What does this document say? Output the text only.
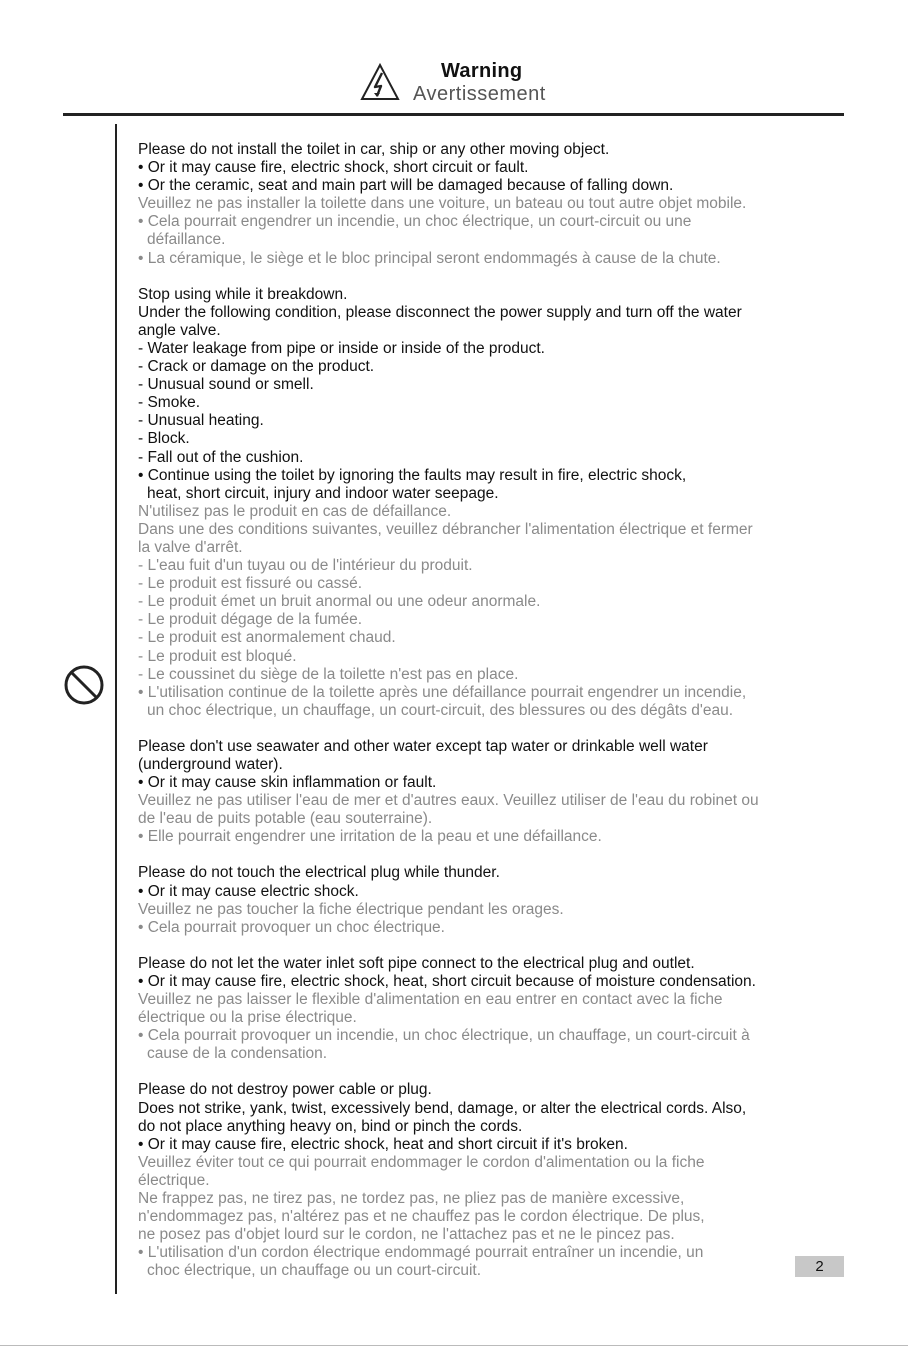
Warning
Avertissement

Please do not install the toilet in car, ship or any other moving object.

• Or it may cause fire, electric shock, short circuit or fault.

• Or the ceramic, seat and main part will be damaged because of falling down.

Veuillez ne pas installer la toilette dans une voiture, un bateau ou tout autre objet mobile.

• Cela pourrait engendrer un incendie, un choc électrique, un court-circuit ou une

défaillance.

• La céramique, le siège et le bloc principal seront endommagés à cause de la chute.

Stop using while it breakdown.

Under the following condition, please disconnect the power supply and turn off the water

angle valve.

- Water leakage from pipe or inside or inside of the product.

- Crack or damage on the product.

- Unusual sound or smell.

- Smoke.

- Unusual heating.

- Block.

- Fall out of the cushion.

• Continue using the toilet by ignoring the faults may result in fire, electric shock,

heat, short circuit, injury and indoor water seepage.

N'utilisez pas le produit en cas de défaillance.

Dans une des conditions suivantes, veuillez débrancher l'alimentation électrique et fermer

la valve d'arrêt.

- L'eau fuit d'un tuyau ou de l'intérieur du produit.

- Le produit est fissuré ou cassé.

- Le produit émet un bruit anormal ou une odeur anormale.

- Le produit dégage de la fumée.

- Le produit est anormalement chaud.

- Le produit est bloqué.

- Le coussinet du siège de la toilette n'est pas en place.

• L'utilisation continue de la toilette après une défaillance pourrait engendrer un incendie,

un choc électrique, un chauffage, un court-circuit, des blessures ou des dégâts d'eau.

Please don't use seawater and other water except tap water or drinkable well water

(underground water).

• Or it may cause skin inflammation or fault.

Veuillez ne pas utiliser l'eau de mer et d'autres eaux. Veuillez utiliser de l'eau du robinet ou

de l'eau de puits potable (eau souterraine).

• Elle pourrait engendrer une irritation de la peau et une défaillance.

Please do not touch the electrical plug while thunder.

• Or it may cause electric shock.

Veuillez ne pas toucher la fiche électrique pendant les orages.

• Cela pourrait provoquer un choc électrique.

Please do not let the water inlet soft pipe connect to the electrical plug and outlet.

• Or it may cause fire, electric shock, heat, short circuit because of moisture condensation.

Veuillez ne pas laisser le flexible d'alimentation en eau entrer en contact avec la fiche

électrique ou la prise électrique.

• Cela pourrait provoquer un incendie, un choc électrique, un chauffage, un court-circuit à

cause de la condensation.

Please do not destroy power cable or plug.

Does not strike, yank, twist, excessively bend, damage, or alter the electrical cords. Also,

do not place anything heavy on, bind or pinch the cords.

• Or it may cause fire, electric shock, heat and short circuit if it's broken.

Veuillez éviter tout ce qui pourrait endommager le cordon d'alimentation ou la fiche

électrique.

Ne frappez pas, ne tirez pas, ne tordez pas, ne pliez pas de manière excessive,

n'endommagez pas, n'altérez pas et ne chauffez pas le cordon électrique. De plus,

ne posez pas d'objet lourd sur le cordon, ne l'attachez pas et ne le pincez pas.

• L'utilisation d'un cordon électrique endommagé pourrait entraîner un incendie, un

choc électrique, un chauffage ou un court-circuit.	2
